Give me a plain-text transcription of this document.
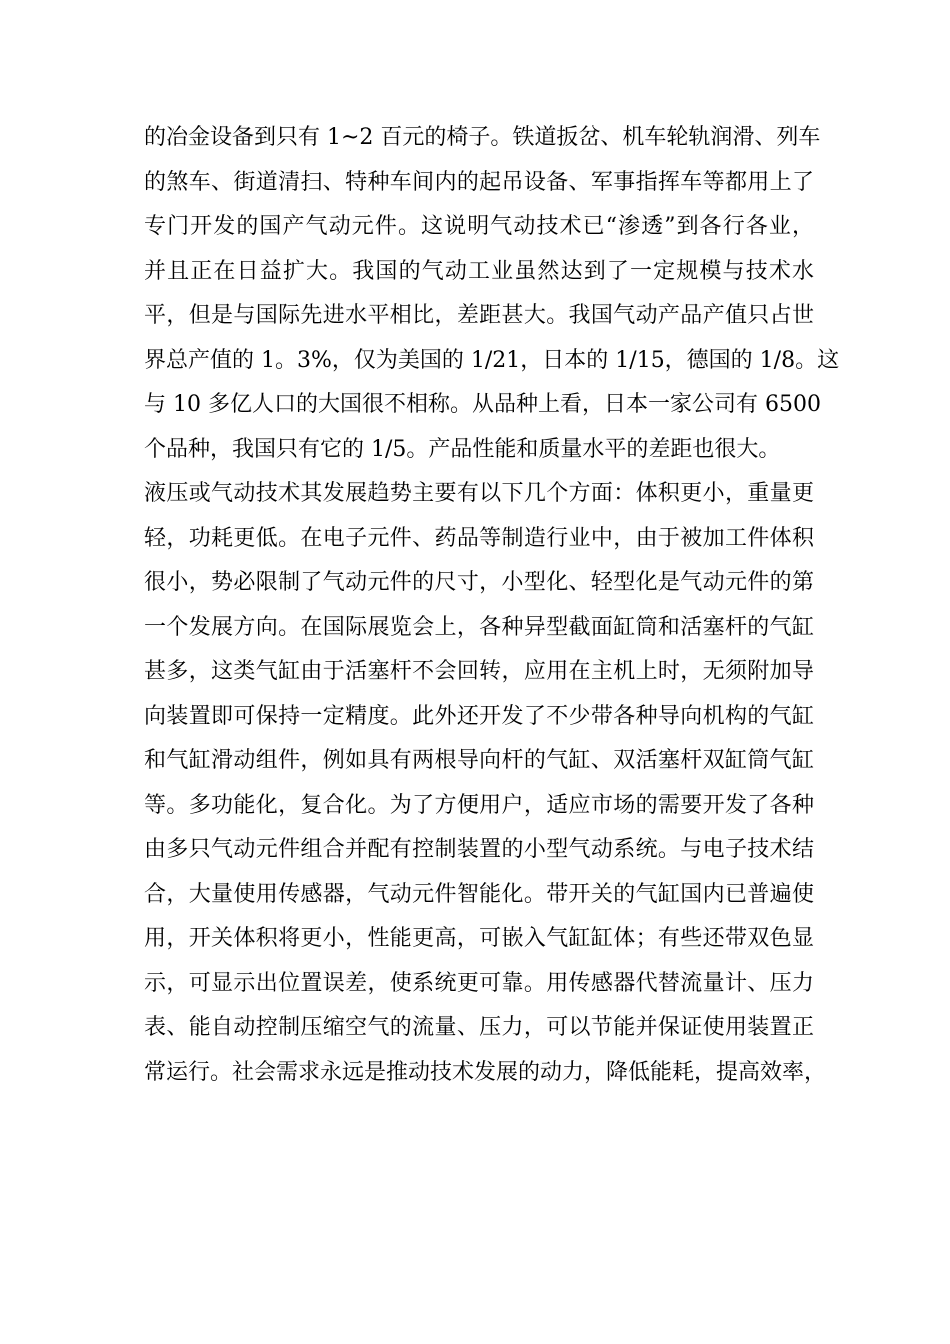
的冶金设备到只有 1~2 百元的椅子。铁道扳岔、机车轮轨润滑、列车
的煞车、街道清扫、特种车间内的起吊设备、军事指挥车等都用上了
专门开发的国产气动元件。这说明气动技术已“渗透”到各行各业，
并且正在日益扩大。我国的气动工业虽然达到了一定规模与技术水
平，但是与国际先进水平相比，差距甚大。我国气动产品产值只占世
界总产值的 1。3%，仅为美国的 1/21，日本的 1/15，德国的 1/8。这
与 10 多亿人口的大国很不相称。从品种上看，日本一家公司有 6500
个品种，我国只有它的 1/5。产品性能和质量水平的差距也很大。
液压或气动技术其发展趋势主要有以下几个方面：体积更小，重量更
轻，功耗更低。在电子元件、药品等制造行业中，由于被加工件体积
很小，势必限制了气动元件的尺寸，小型化、轻型化是气动元件的第
一个发展方向。在国际展览会上，各种异型截面缸筒和活塞杆的气缸
甚多，这类气缸由于活塞杆不会回转，应用在主机上时，无须附加导
向装置即可保持一定精度。此外还开发了不少带各种导向机构的气缸
和气缸滑动组件，例如具有两根导向杆的气缸、双活塞杆双缸筒气缸
等。多功能化，复合化。为了方便用户，适应市场的需要开发了各种
由多只气动元件组合并配有控制装置的小型气动系统。与电子技术结
合，大量使用传感器，气动元件智能化。带开关的气缸国内已普遍使
用，开关体积将更小，性能更高，可嵌入气缸缸体；有些还带双色显
示，可显示出位置误差，使系统更可靠。用传感器代替流量计、压力
表、能自动控制压缩空气的流量、压力，可以节能并保证使用装置正
常运行。社会需求永远是推动技术发展的动力，降低能耗，提高效率，
